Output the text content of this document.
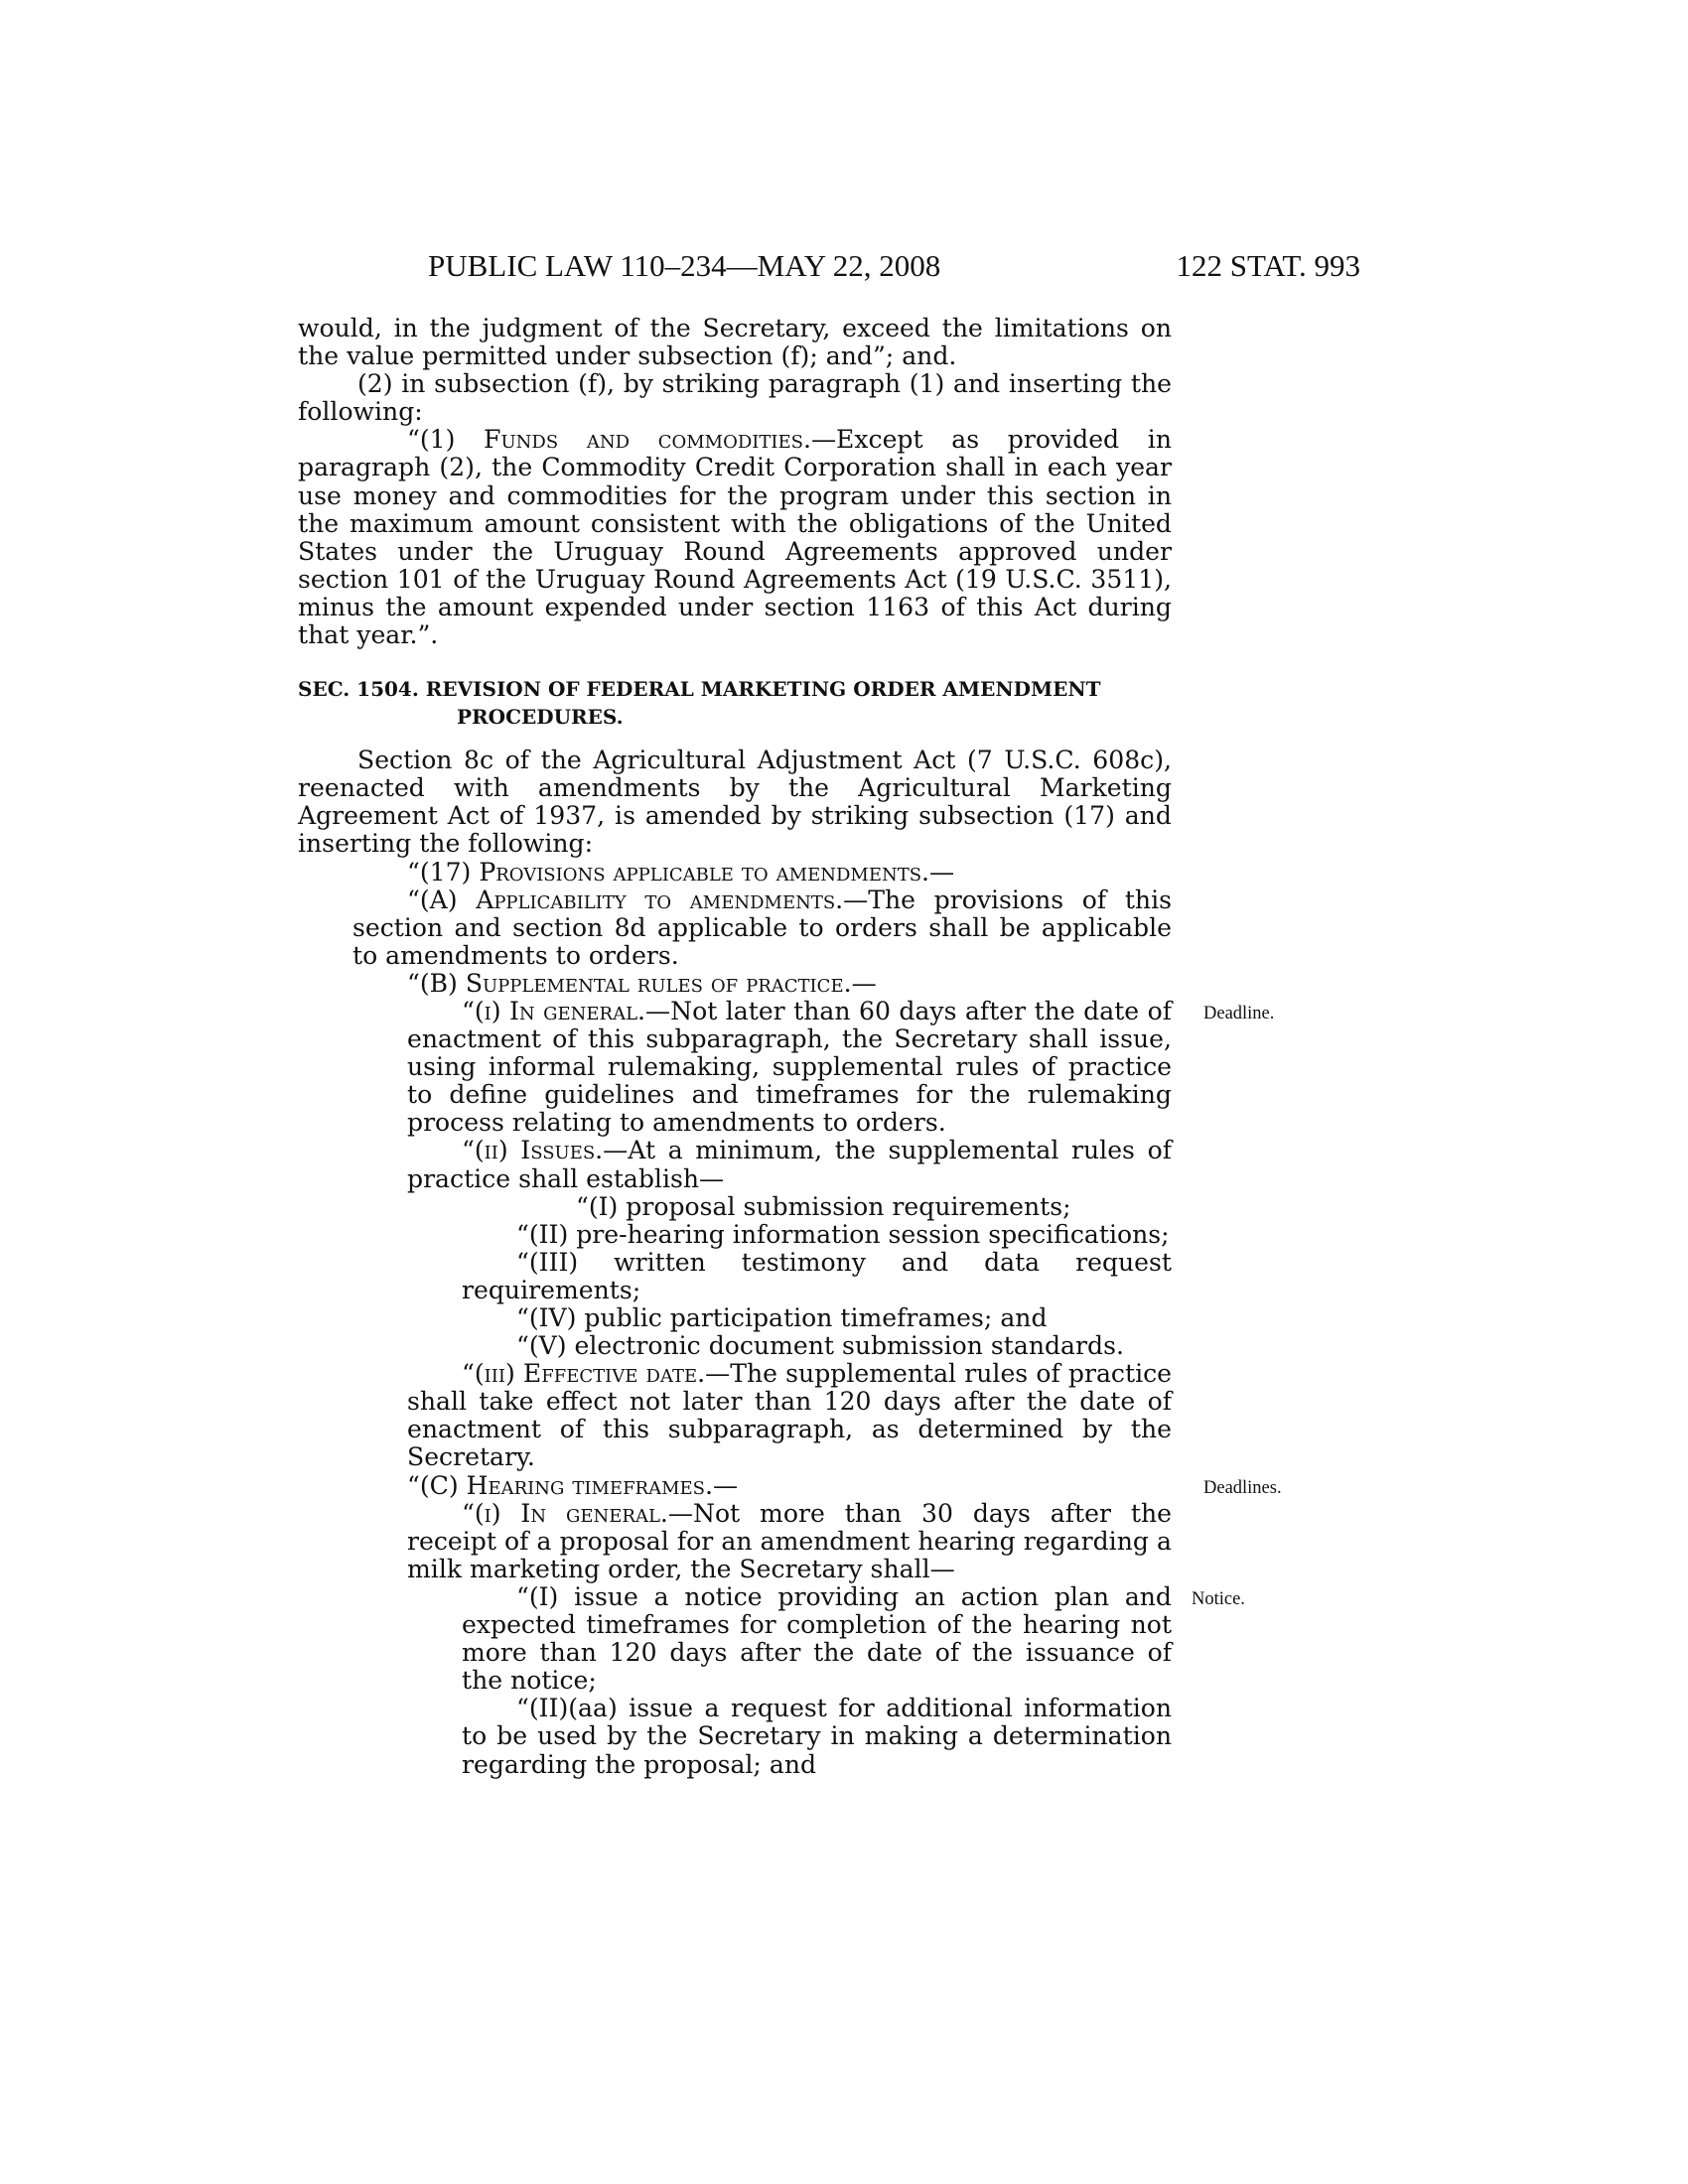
PUBLIC LAW 110–234—MAY 22, 2008	122 STAT. 993

would, in the judgment of the Secretary, exceed the limitations on the value permitted under subsection (f); and”; and.

(2) in subsection (f), by striking paragraph (1) and inserting the following:

“(1) Funds and commodities.—Except as provided in paragraph (2), the Commodity Credit Corporation shall in each year use money and commodities for the program under this section in the maximum amount consistent with the obligations of the United States under the Uruguay Round Agreements approved under section 101 of the Uruguay Round Agreements Act (19 U.S.C. 3511), minus the amount expended under section 1163 of this Act during that year.”.

SEC. 1504. REVISION OF FEDERAL MARKETING ORDER AMENDMENT PROCEDURES.

Section 8c of the Agricultural Adjustment Act (7 U.S.C. 608c), reenacted with amendments by the Agricultural Marketing Agreement Act of 1937, is amended by striking subsection (17) and inserting the following:

“(17) Provisions applicable to amendments.—

“(A) Applicability to amendments.—The provisions of this section and section 8d applicable to orders shall be applicable to amendments to orders.

“(B) Supplemental rules of practice.—

Deadline.

“(i) In general.—Not later than 60 days after the date of enactment of this subparagraph, the Secretary shall issue, using informal rulemaking, supplemental rules of practice to define guidelines and timeframes for the rulemaking process relating to amendments to orders.

“(ii) Issues.—At a minimum, the supplemental rules of practice shall establish—

“(I) proposal submission requirements;

“(II) pre-hearing information session specifications;

“(III) written testimony and data request requirements;

“(IV) public participation timeframes; and

“(V) electronic document submission standards.

“(iii) Effective date.—The supplemental rules of practice shall take effect not later than 120 days after the date of enactment of this subparagraph, as determined by the Secretary.

Deadlines.

“(C) Hearing timeframes.—

“(i) In general.—Not more than 30 days after the receipt of a proposal for an amendment hearing regarding a milk marketing order, the Secretary shall—

Notice.

“(I) issue a notice providing an action plan and expected timeframes for completion of the hearing not more than 120 days after the date of the issuance of the notice;

“(II)(aa) issue a request for additional information to be used by the Secretary in making a determination regarding the proposal; and
